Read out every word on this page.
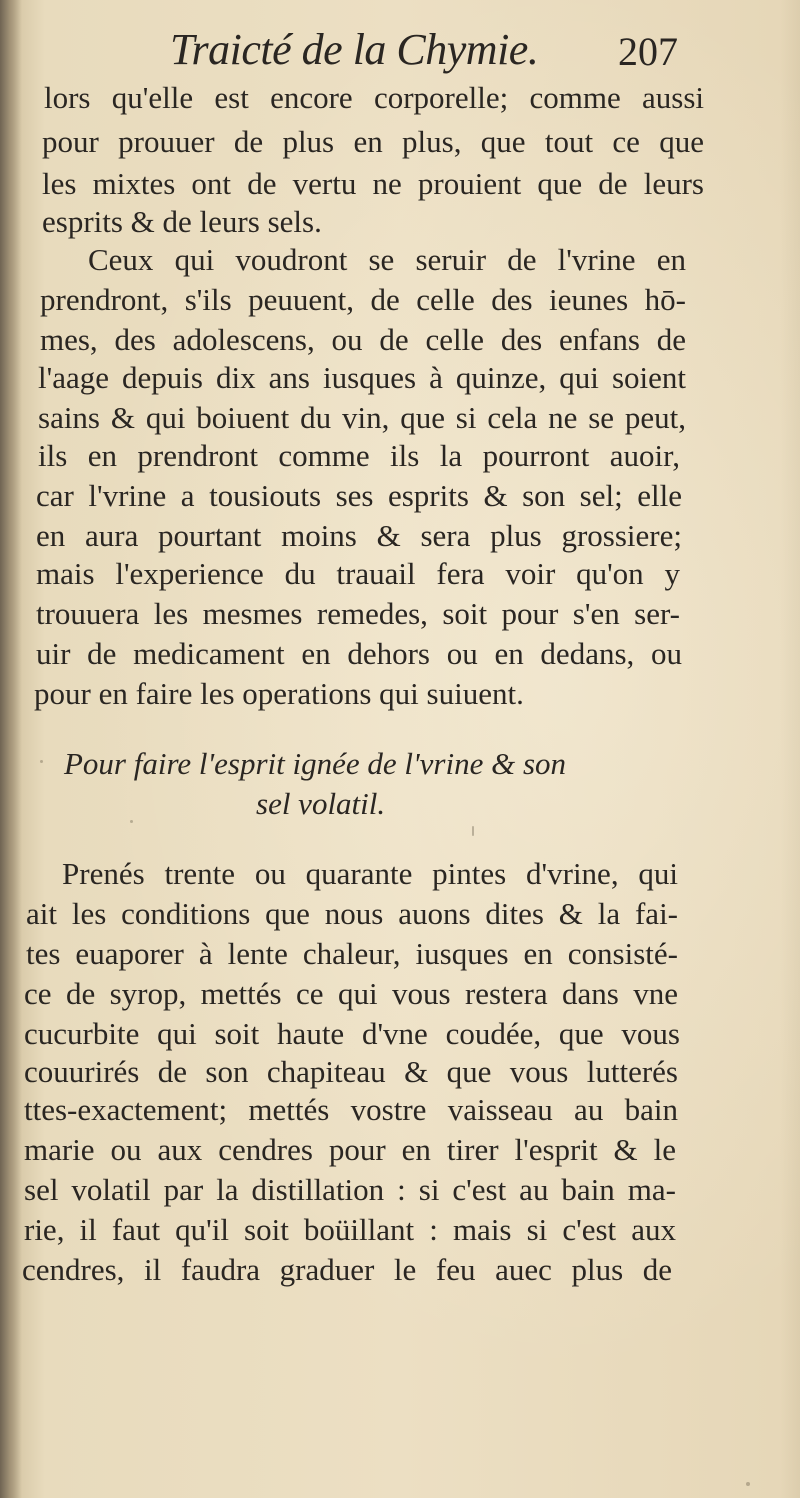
Traicté de la Chymie. 207
lors qu'elle est encore corporelle; comme aussi
pour prouuer de plus en plus, que tout ce que
les mixtes ont de vertu ne prouient que de leurs
esprits & de leurs sels.
Ceux qui voudront se seruir de l'vrine en
prendront, s'ils peuuent, de celle des ieunes hō-
mes, des adolescens, ou de celle des enfans de
l'aage depuis dix ans iusques à quinze, qui soient
sains & qui boiuent du vin, que si cela ne se peut,
ils en prendront comme ils la pourront auoir,
car l'vrine a tousiouts ses esprits & son sel; elle
en aura pourtant moins & sera plus grossiere;
mais l'experience du trauail fera voir qu'on y
trouuera les mesmes remedes, soit pour s'en ser-
uir de medicament en dehors ou en dedans, ou
pour en faire les operations qui suiuent.
Pour faire l'esprit ignée de l'vrine & son
sel volatil.
Prenés trente ou quarante pintes d'vrine, qui
ait les conditions que nous auons dites & la fai-
tes euaporer à lente chaleur, iusques en consisté-
ce de syrop, mettés ce qui vous restera dans vne
cucurbite qui soit haute d'vne coudée, que vous
couurirés de son chapiteau & que vous lutterés
ttes-exactement; mettés vostre vaisseau au bain
marie ou aux cendres pour en tirer l'esprit & le
sel volatil par la distillation : si c'est au bain ma-
rie, il faut qu'il soit boüillant : mais si c'est aux
cendres, il faudra graduer le feu auec plus de
